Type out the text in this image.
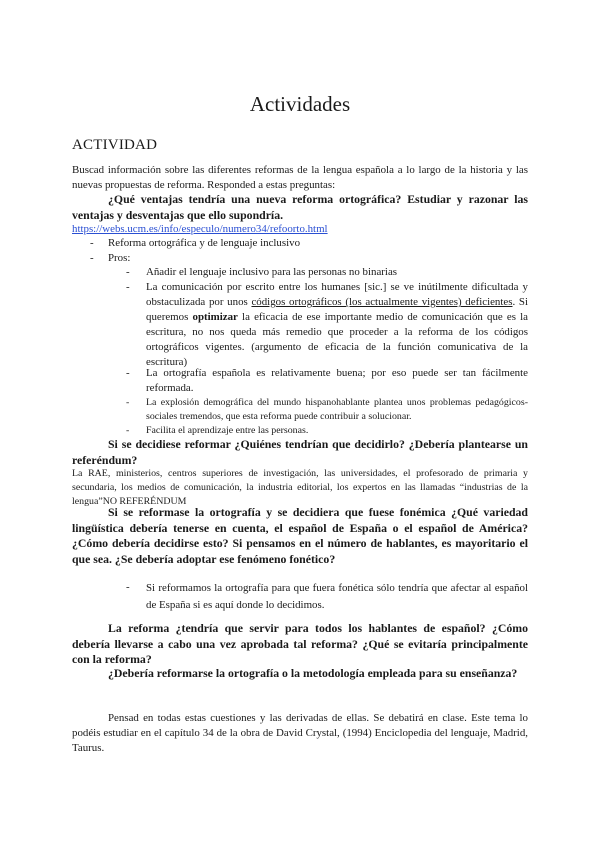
Actividades
ACTIVIDAD
Buscad información sobre las diferentes reformas de la lengua española a lo largo de la historia y las nuevas propuestas de reforma. Responded a estas preguntas:
¿Qué ventajas tendría una nueva reforma ortográfica? Estudiar y razonar las ventajas y desventajas que ello supondría.
https://webs.ucm.es/info/especulo/numero34/refoorto.html
- Reforma ortográfica y de lenguaje inclusivo
- Pros:
- Añadir el lenguaje inclusivo para las personas no binarias
- La comunicación por escrito entre los humanes [sic.] se ve inútilmente dificultada y obstaculizada por unos códigos ortográficos (los actualmente vigentes) deficientes. Si queremos optimizar la eficacia de ese importante medio de comunicación que es la escritura, no nos queda más remedio que proceder a la reforma de los códigos ortográficos vigentes. (argumento de eficacia de la función comunicativa de la escritura)
- La ortografía española es relativamente buena; por eso puede ser tan fácilmente reformada.
- La explosión demográfica del mundo hispanohablante plantea unos problemas pedagógicos-sociales tremendos, que esta reforma puede contribuir a solucionar.
- Facilita el aprendizaje entre las personas.
Si se decidiese reformar ¿Quiénes tendrían que decidirlo? ¿Debería plantearse un referéndum?
La RAE, ministerios, centros superiores de investigación, las universidades, el profesorado de primaria y secundaria, los medios de comunicación, la industria editorial, los expertos en las llamadas “industrias de la lengua”NO REFERÉNDUM
Si se reformase la ortografía y se decidiera que fuese fonémica ¿Qué variedad lingüística debería tenerse en cuenta, el español de España o el español de América? ¿Cómo debería decidirse esto? Si pensamos en el número de hablantes, es mayoritario el que sea. ¿Se debería adoptar ese fenómeno fonético?
- Si reformamos la ortografía para que fuera fonética sólo tendría que afectar al español de España si es aquí donde lo decidimos.
La reforma ¿tendría que servir para todos los hablantes de español? ¿Cómo debería llevarse a cabo una vez aprobada tal reforma? ¿Qué se evitaría principalmente con la reforma?
¿Debería reformarse la ortografía o la metodología empleada para su enseñanza?
Pensad en todas estas cuestiones y las derivadas de ellas. Se debatirá en clase. Este tema lo podéis estudiar en el capítulo 34 de la obra de David Crystal, (1994) Enciclopedia del lenguaje, Madrid, Taurus.
